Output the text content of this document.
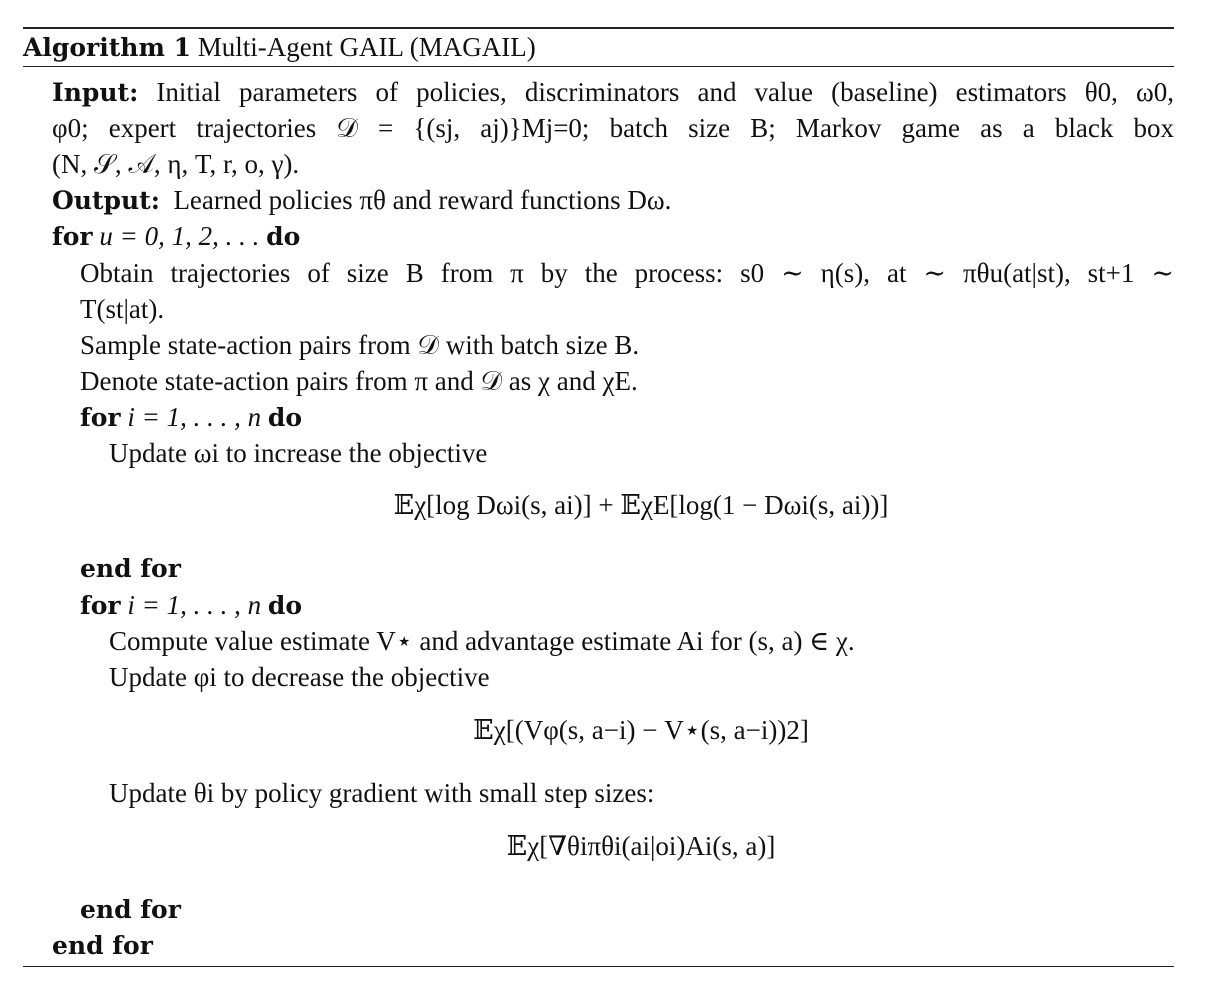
Algorithm 1 Multi-Agent GAIL (MAGAIL)
Input: Initial parameters of policies, discriminators and value (baseline) estimators θ0, ω0,
φ0; expert trajectories 𝒟 = {(sj, aj)}Mj=0; batch size B; Markov game as a black box
(N, 𝒮, 𝒜, η, T, r, o, γ).
Output: Learned policies πθ and reward functions Dω.
for u = 0, 1, 2, . . . do
Obtain trajectories of size B from π by the process: s0 ∼ η(s), at ∼ πθu(at|st), st+1 ∼
T(st|at).
Sample state-action pairs from 𝒟 with batch size B.
Denote state-action pairs from π and 𝒟 as χ and χE.
for i = 1, . . . , n do
Update ωi to increase the objective
𝔼χ[log Dωi(s, ai)] + 𝔼χE[log(1 − Dωi(s, ai))]
end for
for i = 1, . . . , n do
Compute value estimate V⋆ and advantage estimate Ai for (s, a) ∈ χ.
Update φi to decrease the objective
𝔼χ[(Vφ(s, a−i) − V⋆(s, a−i))2]
Update θi by policy gradient with small step sizes:
𝔼χ[∇θiπθi(ai|oi)Ai(s, a)]
end for
end for
